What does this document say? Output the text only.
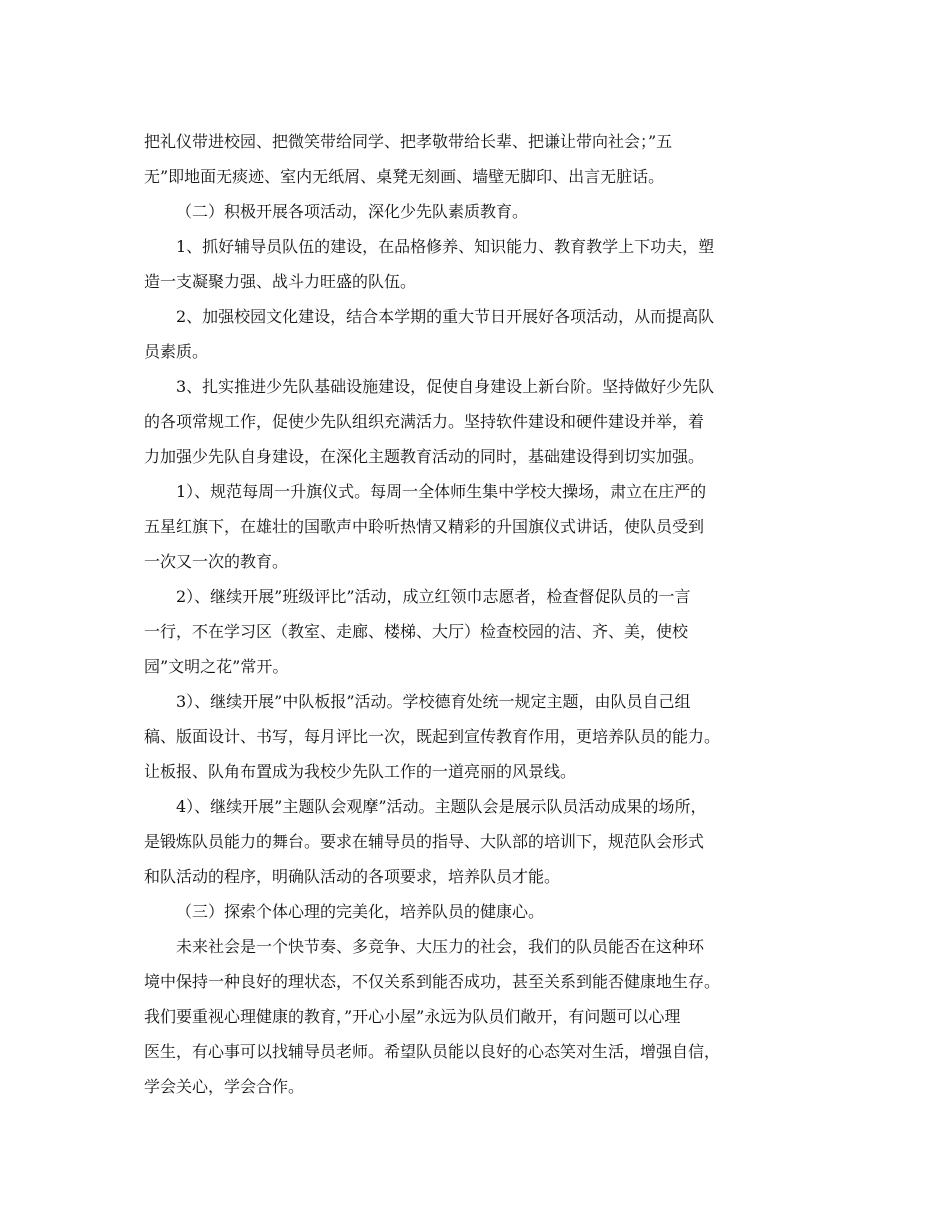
把礼仪带进校园、把微笑带给同学、把孝敬带给长辈、把谦让带向社会；”五
无”即地面无痰迹、室内无纸屑、桌凳无刻画、墙壁无脚印、出言无脏话。

（二）积极开展各项活动，深化少先队素质教育。

1、抓好辅导员队伍的建设，在品格修养、知识能力、教育教学上下功夫，塑
造一支凝聚力强、战斗力旺盛的队伍。

2、加强校园文化建设，结合本学期的重大节日开展好各项活动，从而提高队
员素质。

3、扎实推进少先队基础设施建设，促使自身建设上新台阶。坚持做好少先队
的各项常规工作，促使少先队组织充满活力。坚持软件建设和硬件建设并举，着
力加强少先队自身建设，在深化主题教育活动的同时，基础建设得到切实加强。

1）、规范每周一升旗仪式。每周一全体师生集中学校大操场，肃立在庄严的
五星红旗下，在雄壮的国歌声中聆听热情又精彩的升国旗仪式讲话，使队员受到
一次又一次的教育。

2）、继续开展”班级评比”活动，成立红领巾志愿者，检查督促队员的一言
一行，不在学习区（教室、走廊、楼梯、大厅）检查校园的洁、齐、美，使校
园”文明之花”常开。

3）、继续开展”中队板报”活动。学校德育处统一规定主题，由队员自己组
稿、版面设计、书写，每月评比一次，既起到宣传教育作用，更培养队员的能力。
让板报、队角布置成为我校少先队工作的一道亮丽的风景线。

4）、继续开展”主题队会观摩”活动。主题队会是展示队员活动成果的场所，
是锻炼队员能力的舞台。要求在辅导员的指导、大队部的培训下，规范队会形式
和队活动的程序，明确队活动的各项要求，培养队员才能。

（三）探索个体心理的完美化，培养队员的健康心。

未来社会是一个快节奏、多竞争、大压力的社会，我们的队员能否在这种环
境中保持一种良好的理状态，不仅关系到能否成功，甚至关系到能否健康地生存。
我们要重视心理健康的教育，”开心小屋”永远为队员们敞开，有问题可以心理
医生，有心事可以找辅导员老师。希望队员能以良好的心态笑对生活，增强自信，
学会关心，学会合作。
